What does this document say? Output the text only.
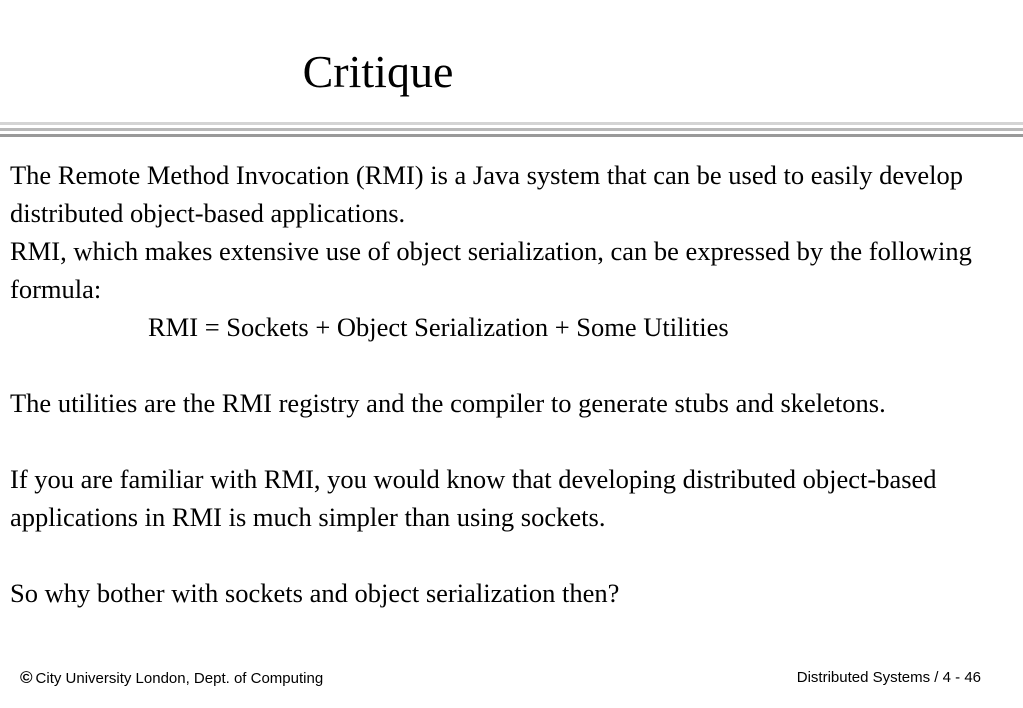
Critique

The Remote Method Invocation (RMI) is a Java system that can be used to easily develop distributed object-based applications.

RMI, which makes extensive use of object serialization, can be expressed by the following formula:

RMI = Sockets + Object Serialization + Some Utilities

The utilities are the RMI registry and the compiler to generate stubs and skeletons.

If you are familiar with RMI, you would know that developing distributed object-based applications in RMI is much simpler than using sockets.

So why bother with sockets and object serialization then?

© City University London, Dept. of Computing	Distributed Systems / 4 - 46
